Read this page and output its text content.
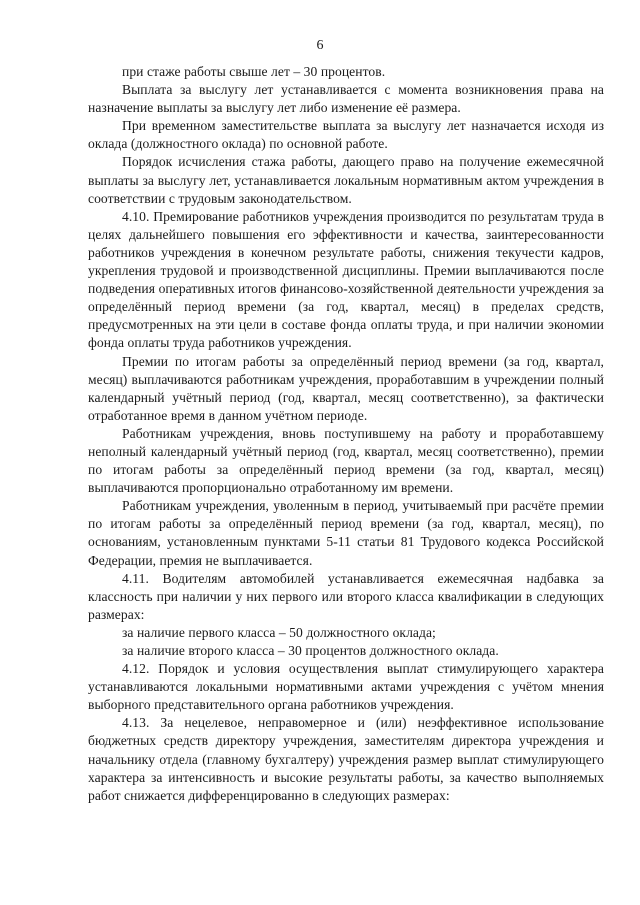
6

при стаже работы свыше лет – 30 процентов.

Выплата за выслугу лет устанавливается с момента возникновения права на назначение выплаты за выслугу лет либо изменение её размера.

При временном заместительстве выплата за выслугу лет назначается исходя из оклада (должностного оклада) по основной работе.

Порядок исчисления стажа работы, дающего право на получение ежемесячной выплаты за выслугу лет, устанавливается локальным нормативным актом учреждения в соответствии с трудовым законодательством.

4.10. Премирование работников учреждения производится по результатам труда в целях дальнейшего повышения его эффективности и качества, заинтересованности работников учреждения в конечном результате работы, снижения текучести кадров, укрепления трудовой и производственной дисциплины. Премии выплачиваются после подведения оперативных итогов финансово-хозяйственной деятельности учреждения за определённый период времени (за год, квартал, месяц) в пределах средств, предусмотренных на эти цели в составе фонда оплаты труда, и при наличии экономии фонда оплаты труда работников учреждения.

Премии по итогам работы за определённый период времени (за год, квартал, месяц) выплачиваются работникам учреждения, проработавшим в учреждении полный календарный учётный период (год, квартал, месяц соответственно), за фактически отработанное время в данном учётном периоде.

Работникам учреждения, вновь поступившему на работу и проработавшему неполный календарный учётный период (год, квартал, месяц соответственно), премии по итогам работы за определённый период времени (за год, квартал, месяц) выплачиваются пропорционально отработанному им времени.

Работникам учреждения, уволенным в период, учитываемый при расчёте премии по итогам работы за определённый период времени (за год, квартал, месяц), по основаниям, установленным пунктами 5-11 статьи 81 Трудового кодекса Российской Федерации, премия не выплачивается.

4.11. Водителям автомобилей устанавливается ежемесячная надбавка за классность при наличии у них первого или второго класса квалификации в следующих размерах:

за наличие первого класса – 50 должностного оклада;

за наличие второго класса – 30 процентов должностного оклада.

4.12. Порядок и условия осуществления выплат стимулирующего характера устанавливаются локальными нормативными актами учреждения с учётом мнения выборного представительного органа работников учреждения.

4.13. За нецелевое, неправомерное и (или) неэффективное использование бюджетных средств директору учреждения, заместителям директора учреждения и начальнику отдела (главному бухгалтеру) учреждения размер выплат стимулирующего характера за интенсивность и высокие результаты работы, за качество выполняемых работ снижается дифференцированно в следующих размерах:
